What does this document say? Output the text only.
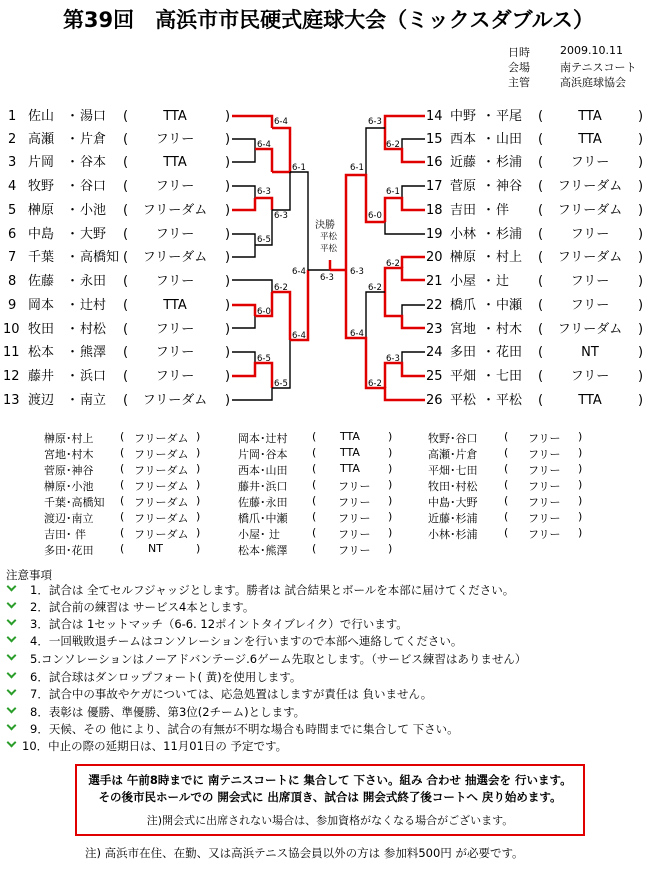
第39回　高浜市市民硬式庭球大会（ミックスダブルス）
日時	2009.10.11
会場	南テニスコート
主管	高浜庭球協会
1 佐山 ・ 湯口 (	TTA	)
2 高瀬 ・ 片倉 (	フリー	)
3 片岡 ・ 谷本 (	TTA	)
4 牧野 ・ 谷口 (	フリー	)
5 榊原 ・ 小池 (	フリーダム	)
6 中島 ・ 大野 (	フリー	)
7 千葉 ・ 高橋知 (	フリーダム	)
8 佐藤 ・ 永田 (	フリー	)
9 岡本 ・ 辻村 (	TTA	)
10 牧田 ・ 村松 (	フリー	)
11 松本 ・ 熊澤 (	フリー	)
12 藤井 ・ 浜口 (	フリー	)
13 渡辺 ・ 南立 (	フリーダム	)
14 中野 ・ 平尾 (	TTA	)
15 西本 ・ 山田 (	TTA	)
16 近藤 ・ 杉浦 (	フリー	)
17 菅原 ・ 神谷 (	フリーダム	)
18 吉田 ・ 伴 (	フリーダム	)
19 小林 ・ 杉浦 (	フリー	)
20 榊原 ・ 村上 (	フリーダム	)
21 小屋 ・ 辻 (	フリー	)
22 橋爪 ・ 中瀬 (	フリー	)
23 宮地 ・ 村木 (	フリーダム	)
24 多田 ・ 花田 (	NT	)
25 平畑 ・ 七田 (	フリー	)
26 平松 ・ 平松 (	TTA	)
6-4
6-4
6-3
6-5
6-2
6-0
6-5
6-1
6-3
6-4
6-5
6-4
6-3
6-2
6-1
6-0
6-2
6-2
6-3
6-1
6-3
6-4
6-2
6-3
決勝
平松
平松
榊原･村上 ( フリーダム )
宮地･村木 ( フリーダム )
菅原･神谷 ( フリーダム )
榊原･小池 ( フリーダム )
千葉･高橋知 ( フリーダム )
渡辺･南立 ( フリーダム )
吉田･ 伴	( フリーダム )
多田･花田 ( NT	)
岡本･辻村 ( TTA	)
片岡･谷本 ( TTA	)
西本･山田 ( TTA	)
藤井･浜口 ( フリー )
佐藤･永田 ( フリー )
橋爪･中瀬 ( フリー )
小屋･ 辻	( フリー )
松本･熊澤 ( フリー )
牧野･谷口 ( フリー )
高瀬･片倉 ( フリー )
平畑･七田 ( フリー )
牧田･村松 ( フリー )
中島･大野 ( フリー )
近藤･杉浦 ( フリー )
小林･杉浦 ( フリー )
注意事項
1．試合は 全てセルフジャッジとします。勝者は 試合結果とボールを本部に届けてください。
2．試合前の練習は サービス4本とします。
3．試合は 1セットマッチ（6-6. 12ポイントタイブレイク）で行います。
4．一回戦敗退チームはコンソレーションを行いますので本部へ連絡してください。
5.コンソレーションはノーアドバンテージ.6ゲーム先取とします。（サービス練習はありません）
6．試合球はダンロップフォート( 黄)を使用します。
7．試合中の事故やケガについては、応急処置はしますが責任は 負いません。
8．表彰は 優勝、準優勝、第3位(2チーム)とします。
9．天候、その 他により、試合の有無が不明な場合も時間までに集合して 下さい。
10．中止の際の延期日は、11月01日の 予定です。
選手は 午前8時までに 南テニスコートに 集合して 下さい。組み 合わせ 抽選会を 行います。
その後市民ホールでの 開会式に 出席頂き、試合は 開会式終了後コートへ 戻り始めます。
注)開会式に出席されない場合は、参加資格がなくなる場合がございます。
注) 高浜市在住、在勤、又は高浜テニス協会員以外の方は 参加料500円 が必要です。
